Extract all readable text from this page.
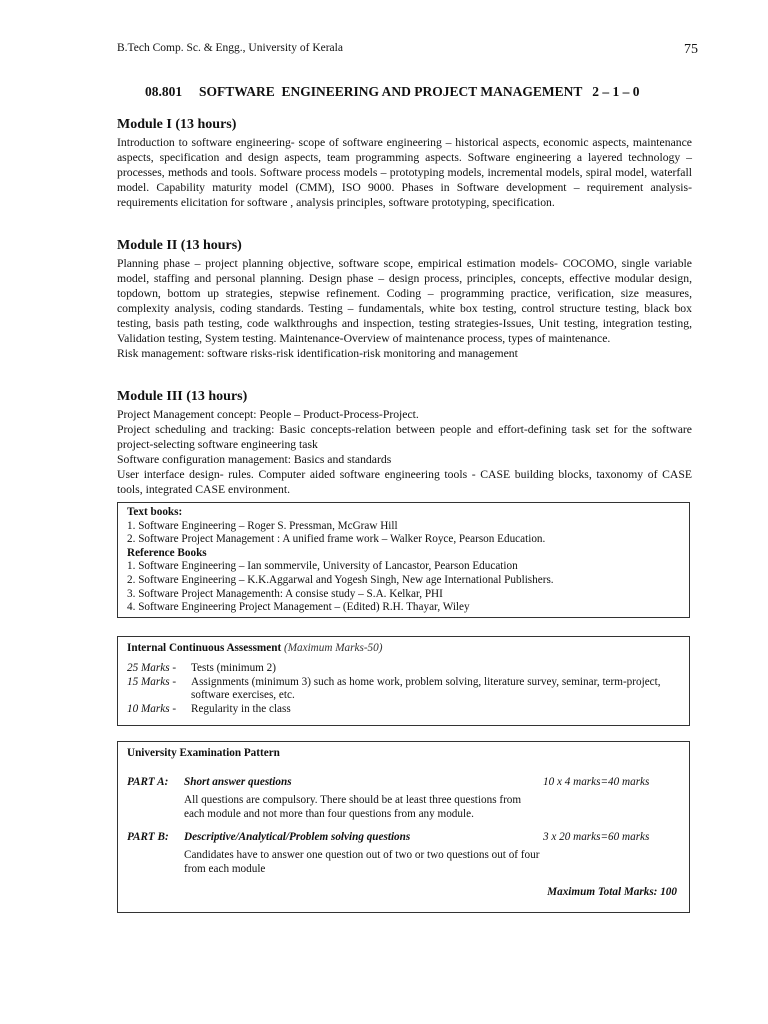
B.Tech Comp. Sc. & Engg., University of Kerala	75
08.801     SOFTWARE  ENGINEERING AND PROJECT MANAGEMENT   2 – 1 – 0
Module I (13 hours)

Introduction to software engineering- scope of software engineering – historical aspects, economic aspects, maintenance aspects, specification and design aspects, team programming aspects. Software engineering a layered technology – processes, methods and tools. Software process models – prototyping models, incremental models, spiral model, waterfall model. Capability maturity model (CMM), ISO 9000. Phases in Software development – requirement analysis- requirements elicitation for software , analysis principles, software prototyping, specification.

Module II (13 hours)

Planning phase – project planning objective, software scope, empirical estimation models- COCOMO, single variable model, staffing and personal planning. Design phase – design process, principles, concepts, effective modular design, topdown, bottom up strategies, stepwise refinement. Coding – programming practice, verification, size measures, complexity analysis, coding standards. Testing – fundamentals, white box testing, control structure testing, black box testing, basis path testing, code walkthroughs and inspection, testing strategies-Issues, Unit testing, integration testing, Validation testing, System testing. Maintenance-Overview of maintenance process, types of maintenance.

Risk management: software risks-risk identification-risk monitoring and management

Module III (13 hours)

Project Management concept: People – Product-Process-Project.

Project scheduling and tracking: Basic concepts-relation between people and effort-defining task set for the software project-selecting software engineering task

Software configuration management: Basics and standards

User interface design- rules. Computer aided software engineering tools - CASE building blocks, taxonomy of CASE tools, integrated CASE environment.

Text books:
1. Software Engineering – Roger S. Pressman, McGraw Hill
2. Software Project Management : A unified frame work – Walker Royce, Pearson Education.
Reference Books
1. Software Engineering – Ian sommervile, University of Lancastor, Pearson Education
2. Software Engineering – K.K.Aggarwal and Yogesh Singh, New age International Publishers.
3. Software Project Managementh: A consise study – S.A. Kelkar, PHI
4. Software Engineering Project Management – (Edited) R.H. Thayar, Wiley
Internal Continuous Assessment (Maximum Marks-50)
25 Marks -	Tests (minimum 2)
15 Marks -	Assignments (minimum 3) such as home work, problem solving, literature survey, seminar, term-project, software exercises, etc.
10 Marks -	Regularity in the class
University Examination Pattern
PART A: Short answer questions	10 x 4 marks=40 marks
All questions are compulsory. There should be at least three questions from each module and not more than four questions from any module.
PART B: Descriptive/Analytical/Problem solving questions	3 x 20 marks=60 marks
Candidates have to answer one question out of two or two questions out of four from each module
Maximum Total Marks: 100
